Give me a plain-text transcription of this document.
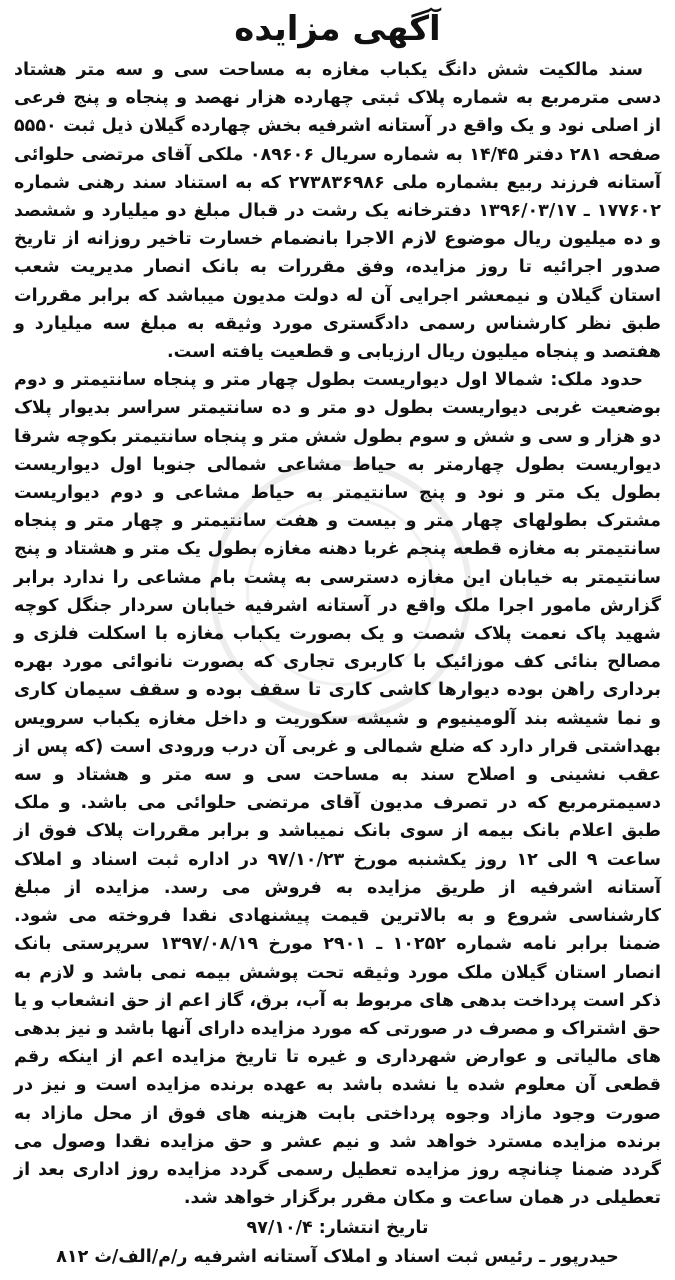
آگهی مزایده

سند مالکیت شش دانگ یکباب مغازه به مساحت سی و سه متر هشتاد دسی مترمربع به شماره پلاک ثبتی چهارده هزار نهصد و پنجاه و پنج فرعی از اصلی نود و یک واقع در آستانه اشرفیه بخش چهارده گیلان ذیل ثبت ۵۵۵۰ صفحه ۲۸۱ دفتر ۱۴/۴۵ به شماره سریال ۰۸۹۶۰۶ ملکی آقای مرتضی حلوائی آستانه فرزند ربیع بشماره ملی ۲۷۳۸۳۶۹۸۶ که به استناد سند رهنی شماره ۱۷۷۶۰۲ ـ ۱۳۹۶/۰۳/۱۷ دفترخانه یک رشت در قبال مبلغ دو میلیارد و ششصد و ده میلیون ریال موضوع لازم الاجرا بانضمام خسارت تاخیر روزانه از تاریخ صدور اجرائیه تا روز مزایده، وفق مقررات به بانک انصار مدیریت شعب استان گیلان و نیمعشر اجرایی آن له دولت مدیون میباشد که برابر مقررات طبق نظر کارشناس رسمی دادگستری مورد وثیقه به مبلغ سه میلیارد و هفتصد و پنجاه میلیون ریال ارزیابی و قطعیت یافته است.

حدود ملک: شمالا اول دیواریست بطول چهار متر و پنجاه سانتیمتر و دوم بوضعیت غربی دیواریست بطول دو متر و ده سانتیمتر سراسر بدیوار پلاک دو هزار و سی و شش و سوم بطول شش متر و پنجاه سانتیمتر بکوچه شرقا دیواریست بطول چهارمتر به حیاط مشاعی شمالی جنوبا اول دیواریست بطول یک متر و نود و پنج سانتیمتر به حیاط مشاعی و دوم دیواریست مشترک بطولهای چهار متر و بیست و هفت سانتیمتر و چهار متر و پنجاه سانتیمتر به مغازه قطعه پنجم غربا دهنه مغازه بطول یک متر و هشتاد و پنج سانتیمتر به خیابان این مغازه دسترسی به پشت بام مشاعی را ندارد برابر گزارش مامور اجرا ملک واقع در آستانه اشرفیه خیابان سردار جنگل کوچه شهید پاک نعمت پلاک شصت و یک بصورت یکباب مغازه با اسکلت فلزی و مصالح بنائی کف موزائیک با کاربری تجاری که بصورت نانوائی مورد بهره برداری راهن بوده دیوارها کاشی کاری تا سقف بوده و سقف سیمان کاری و نما شیشه بند آلومینیوم و شیشه سکوریت و داخل مغازه یکباب سرویس بهداشتی قرار دارد که ضلع شمالی و غربی آن درب ورودی است (که پس از عقب نشینی و اصلاح سند به مساحت سی و سه متر و هشتاد و سه دسیمترمربع که در تصرف مدیون آقای مرتضی حلوائی می باشد. و ملک طبق اعلام بانک بیمه از سوی بانک نمیباشد و برابر مقررات پلاک فوق از ساعت ۹ الی ۱۲ روز یکشنبه مورخ ۹۷/۱۰/۲۳ در اداره ثبت اسناد و املاک آستانه اشرفیه از طریق مزایده به فروش می رسد. مزایده از مبلغ کارشناسی شروع و به بالاترین قیمت پیشنهادی نقدا فروخته می شود. ضمنا برابر نامه شماره ۱۰۲۵۲ ـ ۲۹۰۱ مورخ ۱۳۹۷/۰۸/۱۹ سرپرستی بانک انصار استان گیلان ملک مورد وثیقه تحت پوشش بیمه نمی باشد و لازم به ذکر است پرداخت بدهی های مربوط به آب، برق، گاز اعم از حق انشعاب و یا حق اشتراک و مصرف در صورتی که مورد مزایده دارای آنها باشد و نیز بدهی های مالیاتی و عوارض شهرداری و غیره تا تاریخ مزایده اعم از اینکه رقم قطعی آن معلوم شده یا نشده باشد به عهده برنده مزایده است و نیز در صورت وجود مازاد وجوه پرداختی بابت هزینه های فوق از محل مازاد به برنده مزایده مسترد خواهد شد و نیم عشر و حق مزایده نقدا وصول می گردد ضمنا چنانچه روز مزایده تعطیل رسمی گردد مزایده روز اداری بعد از تعطیلی در همان ساعت و مکان مقرر برگزار خواهد شد.

تاریخ انتشار: ۹۷/۱۰/۴
حیدرپور ـ رئیس ثبت اسناد و املاک آستانه اشرفیه ر/م/الف/ث ۸۱۲
